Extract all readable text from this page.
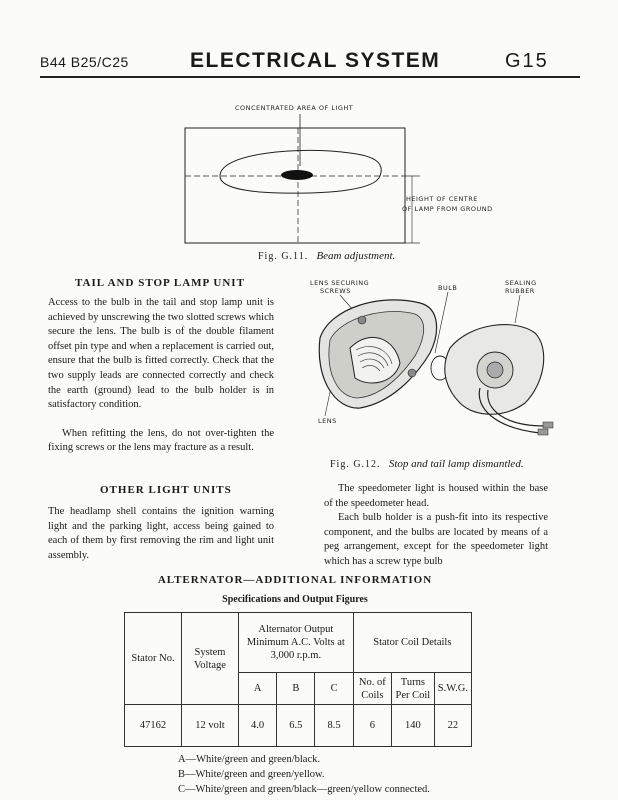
B44 B25/C25	ELECTRICAL SYSTEM	G15
CONCENTRATED AREA OF LIGHT
HEIGHT OF CENTRE
OF LAMP FROM GROUND
Fig. G.11. Beam adjustment.
TAIL AND STOP LAMP UNIT

Access to the bulb in the tail and stop lamp unit is achieved by unscrewing the two slotted screws which secure the lens. The bulb is of the double filament offset pin type and when a replacement is carried out, ensure that the bulb is fitted correctly. Check that the two supply leads are connected correctly and check the earth (ground) lead to the bulb holder is in satisfactory condition.

When refitting the lens, do not over-tighten the fixing screws or the lens may fracture as a result.

LENS SECURING
SCREWS	BULB
SEALING
RUBBER
LENS
Fig. G.12. Stop and tail lamp dismantled.
OTHER LIGHT UNITS

The headlamp shell contains the ignition warning light and the parking light, access being gained to each of them by first removing the rim and light unit assembly.

The speedometer light is housed within the base of the speedometer head.

Each bulb holder is a push-fit into its respective component, and the bulbs are located by means of a peg arrangement, except for the speedometer light which has a screw type bulb

ALTERNATOR—ADDITIONAL INFORMATION
Specifications and Output Figures
Stator No.	System Voltage	Alternator Output Minimum A.C. Volts at 3,000 r.p.m.			Stator Coil Details		
		A	B	C	No. of Coils	Turns Per Coil	S.W.G.
47162	12 volt	4.0	6.5	8.5	6	140	22
A—White/green and green/black.
B—White/green and green/yellow.
C—White/green and green/black—green/yellow connected.
